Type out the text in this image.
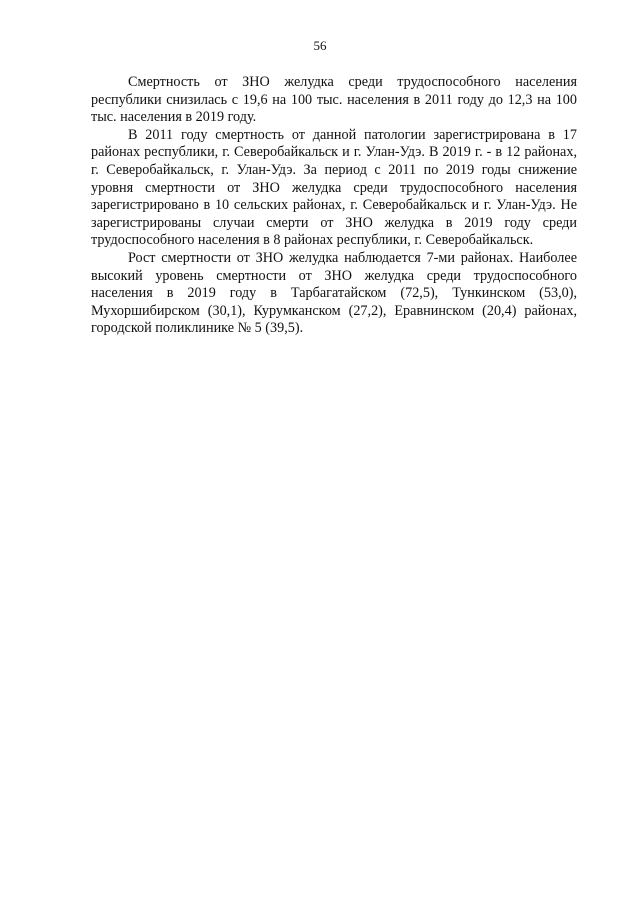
56

Смертность от ЗНО желудка среди трудоспособного населения республики снизилась с 19,6 на 100 тыс. населения в 2011 году до 12,3 на 100 тыс. населения в 2019 году.

В 2011 году смертность от данной патологии зарегистрирована в 17 районах республики, г. Северобайкальск и г. Улан-Удэ. В 2019 г. - в 12 районах, г. Северобайкальск, г. Улан-Удэ. За период с 2011 по 2019 годы снижение уровня смертности от ЗНО желудка среди трудоспособного населения зарегистрировано в 10 сельских районах, г. Северобайкальск и г. Улан-Удэ. Не зарегистрированы случаи смерти от ЗНО желудка в 2019 году среди трудоспособного населения в 8 районах республики, г. Северобайкальск.

Рост смертности от ЗНО желудка наблюдается 7-ми районах. Наиболее высокий уровень смертности от ЗНО желудка среди трудоспособного населения в 2019 году в Тарбагатайском (72,5), Тункинском (53,0), Мухоршибирском (30,1), Курумканском (27,2), Еравнинском (20,4) районах, городской поликлинике № 5 (39,5).
